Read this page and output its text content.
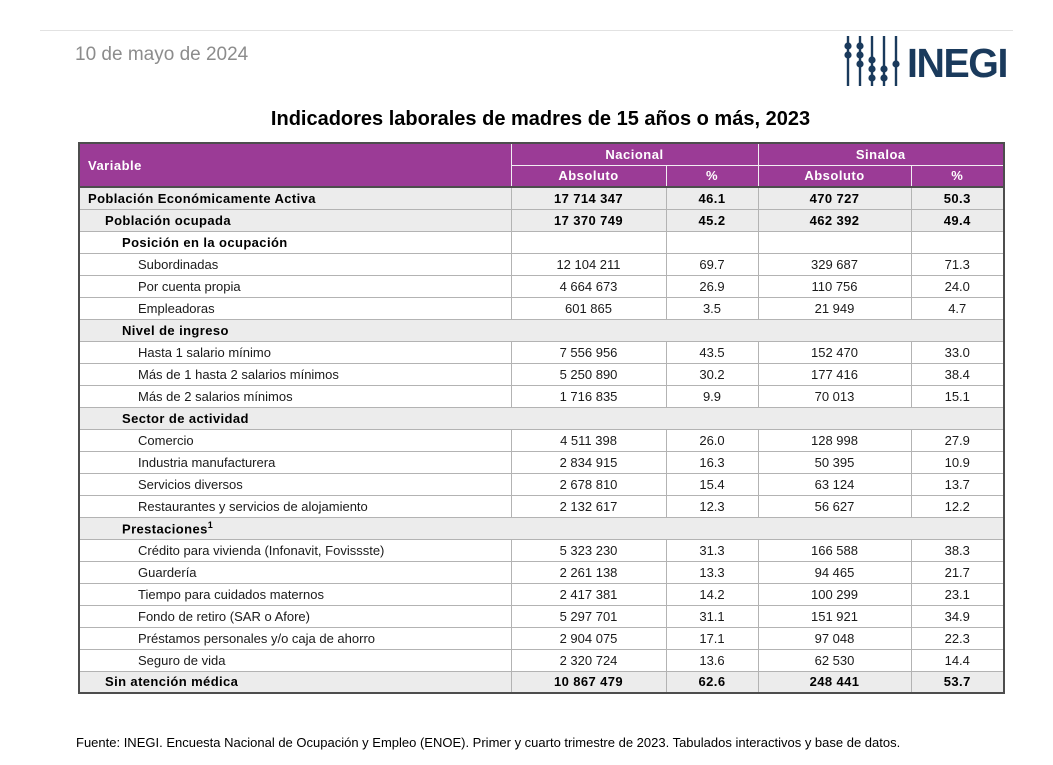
10 de mayo de 2024	INEGI
Indicadores laborales de madres de 15 años o más, 2023
Variable	Nacional		Sinaloa	
	Absoluto	%	Absoluto	%
Población Económicamente Activa	17 714 347	46.1	470 727	50.3
Población ocupada	17 370 749	45.2	462 392	49.4
Posición en la ocupación				
Subordinadas	12 104 211	69.7	329 687	71.3
Por cuenta propia	4 664 673	26.9	110 756	24.0
Empleadoras	601 865	3.5	21 949	4.7
Nivel de ingreso				
Hasta 1 salario mínimo	7 556 956	43.5	152 470	33.0
Más de 1 hasta 2 salarios mínimos	5 250 890	30.2	177 416	38.4
Más de 2 salarios mínimos	1 716 835	9.9	70 013	15.1
Sector de actividad				
Comercio	4 511 398	26.0	128 998	27.9
Industria manufacturera	2 834 915	16.3	50 395	10.9
Servicios diversos	2 678 810	15.4	63 124	13.7
Restaurantes y servicios de alojamiento	2 132 617	12.3	56 627	12.2
Prestaciones$^1$
Crédito para vivienda (Infonavit, Fovissste)	5 323 230	31.3	166 588	38.3
Guardería	2 261 138	13.3	94 465	21.7
Tiempo para cuidados maternos	2 417 381	14.2	100 299	23.1
Fondo de retiro (SAR o Afore)	5 297 701	31.1	151 921	34.9
Préstamos personales y/o caja de ahorro	2 904 075	17.1	97 048	22.3
Seguro de vida	2 320 724	13.6	62 530	14.4
Sin atención médica	10 867 479	62.6	248 441	53.7
Fuente: INEGI. Encuesta Nacional de Ocupación y Empleo (ENOE). Primer y cuarto trimestre de 2023. Tabulados interactivos y base de datos.
